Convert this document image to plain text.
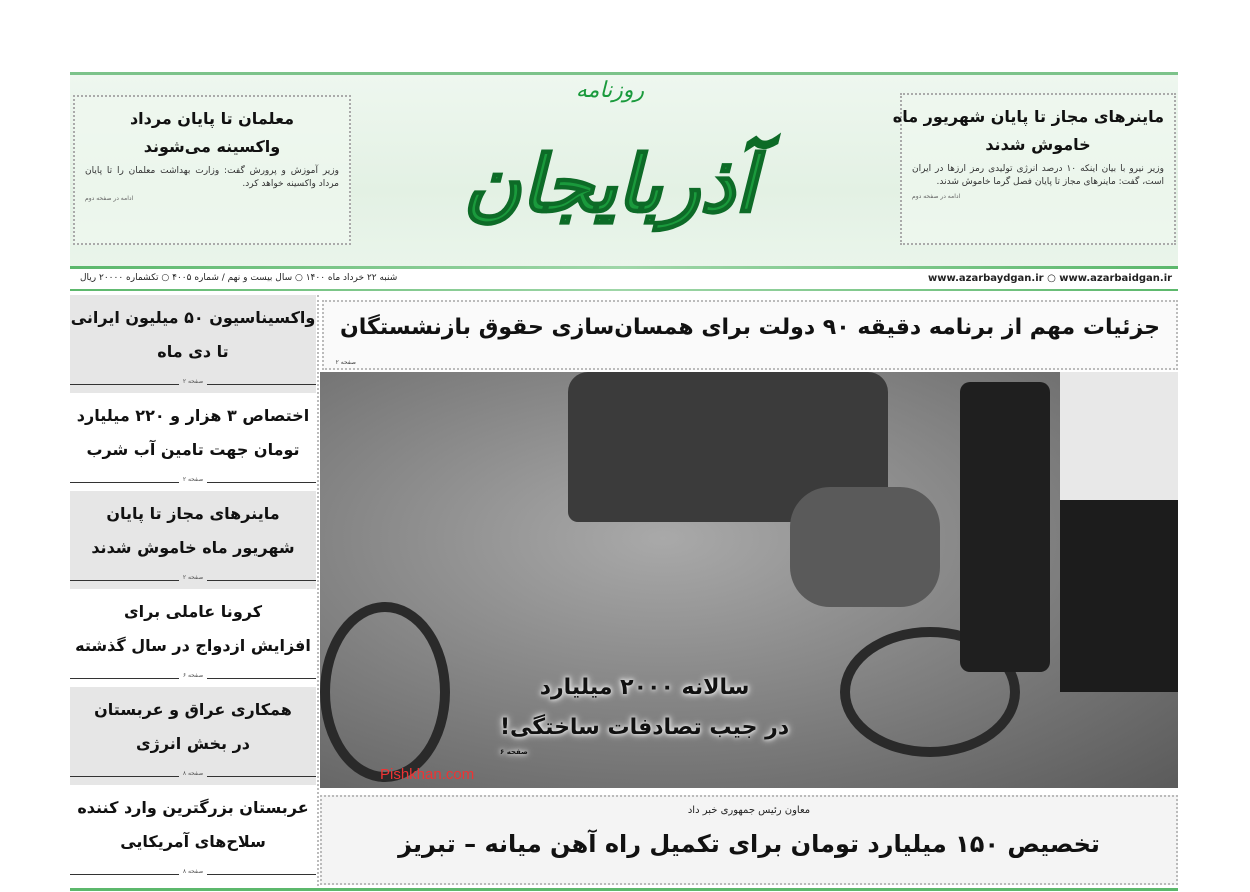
معلمان تا پایان مرداد
واکسینه می‌شوند

وزیر آموزش و پرورش گفت: وزارت بهداشت معلمان را تا پایان مرداد واکسینه خواهد کرد.

ادامه در صفحه دوم
ماینرهای مجاز تا پایان شهریور ماه
خاموش شدند

وزیر نیرو با بیان اینکه ۱۰ درصد انرژی تولیدی رمز ارزها در ایران است، گفت: ماینرهای مجاز تا پایان فصل گرما خاموش شدند.

ادامه در صفحه دوم
روزنامه
آذربایجان
شنبه ۲۲ خرداد ماه ۱۴۰۰ ○ سال بیست و نهم / شماره ۴۰۰۵ ○ تکشماره ۲۰۰۰۰ ریال	www.azarbaydgan.ir ○ www.azarbaidgan.ir
واکسیناسیون ۵۰ میلیون ایرانی
تا دی ماه
صفحه ۲
اختصاص ۳ هزار و ۲۲۰ میلیارد
تومان جهت تامین آب شرب
صفحه ۲
ماینرهای مجاز تا پایان
شهریور ماه خاموش شدند
صفحه ۲
کرونا عاملی برای
افزایش ازدواج در سال گذشته
صفحه ۶
همکاری عراق و عربستان
در بخش انرژی
صفحه ۸
عربستان بزرگترین وارد کننده
سلاح‌های آمریکایی
صفحه ۸
جزئیات مهم از برنامه دقیقه ۹۰ دولت برای همسان‌سازی حقوق بازنشستگان
صفحه ۲
سالانه ۲۰۰۰ میلیارد
در جیب تصادفات ساختگی!
صفحه ۶
Pishkhan.com
معاون رئیس جمهوری خبر داد
تخصیص ۱۵۰ میلیارد تومان برای تکمیل راه آهن میانه – تبریز
